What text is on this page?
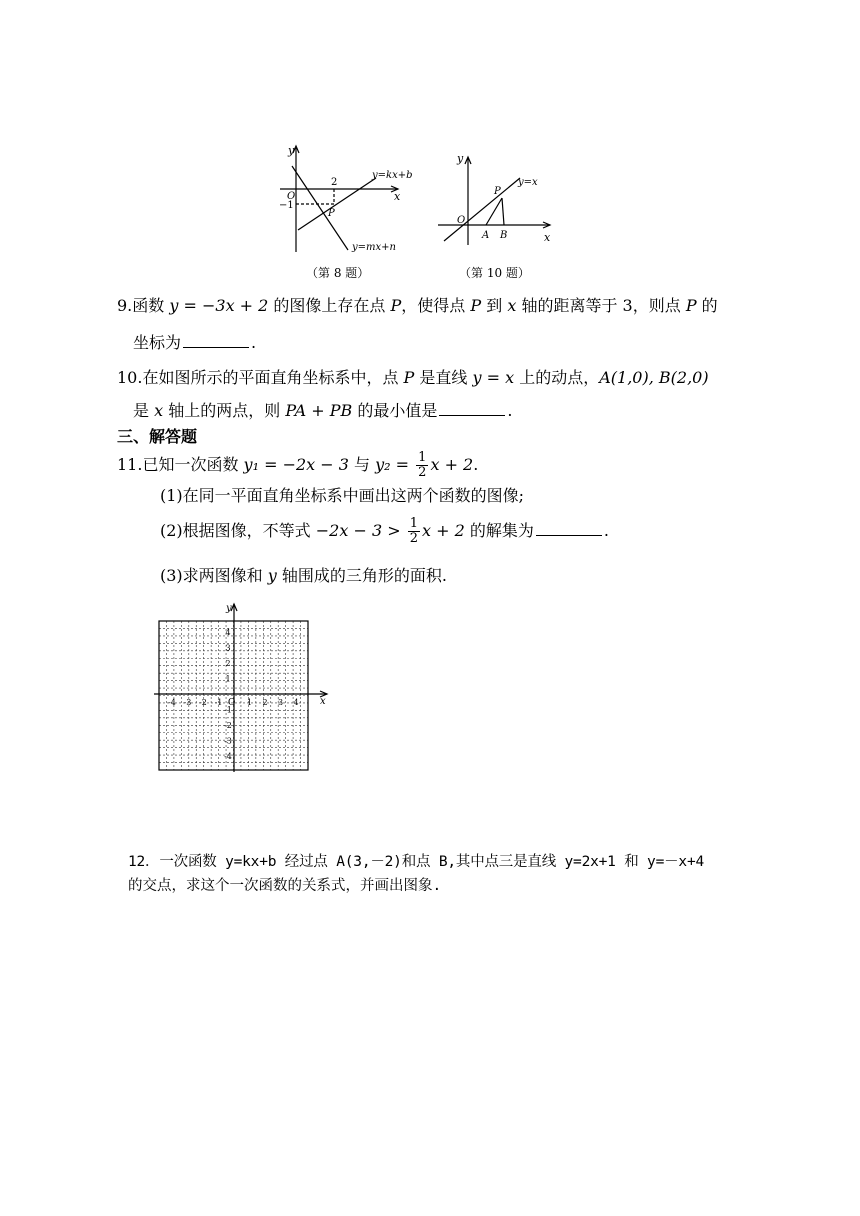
y
x
O
−1
2
P
y=kx+b
y=mx+n
（第 8 题）
y
x
O
P
A B
y=x
（第 10 题）
9.函数 y = −3x + 2 的图像上存在点 P，使得点 P 到 x 轴的距离等于 3，则点 P 的
坐标为	.
10.在如图所示的平面直角坐标系中，点 P 是直线 y = x 上的动点，A(1,0), B(2,0)
是 x 轴上的两点，则 PA + PB 的最小值是	.
三、解答题
11.已知一次函数 y₁ = −2x − 3 与 $y_2 = \frac{1}{2}$ x + 2.
(1)在同一平面直角坐标系中画出这两个函数的图像;
(2)根据图像，不等式 $-2x - 3 > \frac{1}{2}$ x + 2 的解集为	.
(3)求两图像和 y 轴围成的三角形的面积.
y
x
O
-4 -3 -2 -1	1 2 3 4
4
3
2
1
-1
-2
-3
-4
12．一次函数 y=kx+b 经过点 A(3,－2)和点 B,其中点三是直线 y=2x+1 和 y=－x+4
的交点，求这个一次函数的关系式，并画出图象.
